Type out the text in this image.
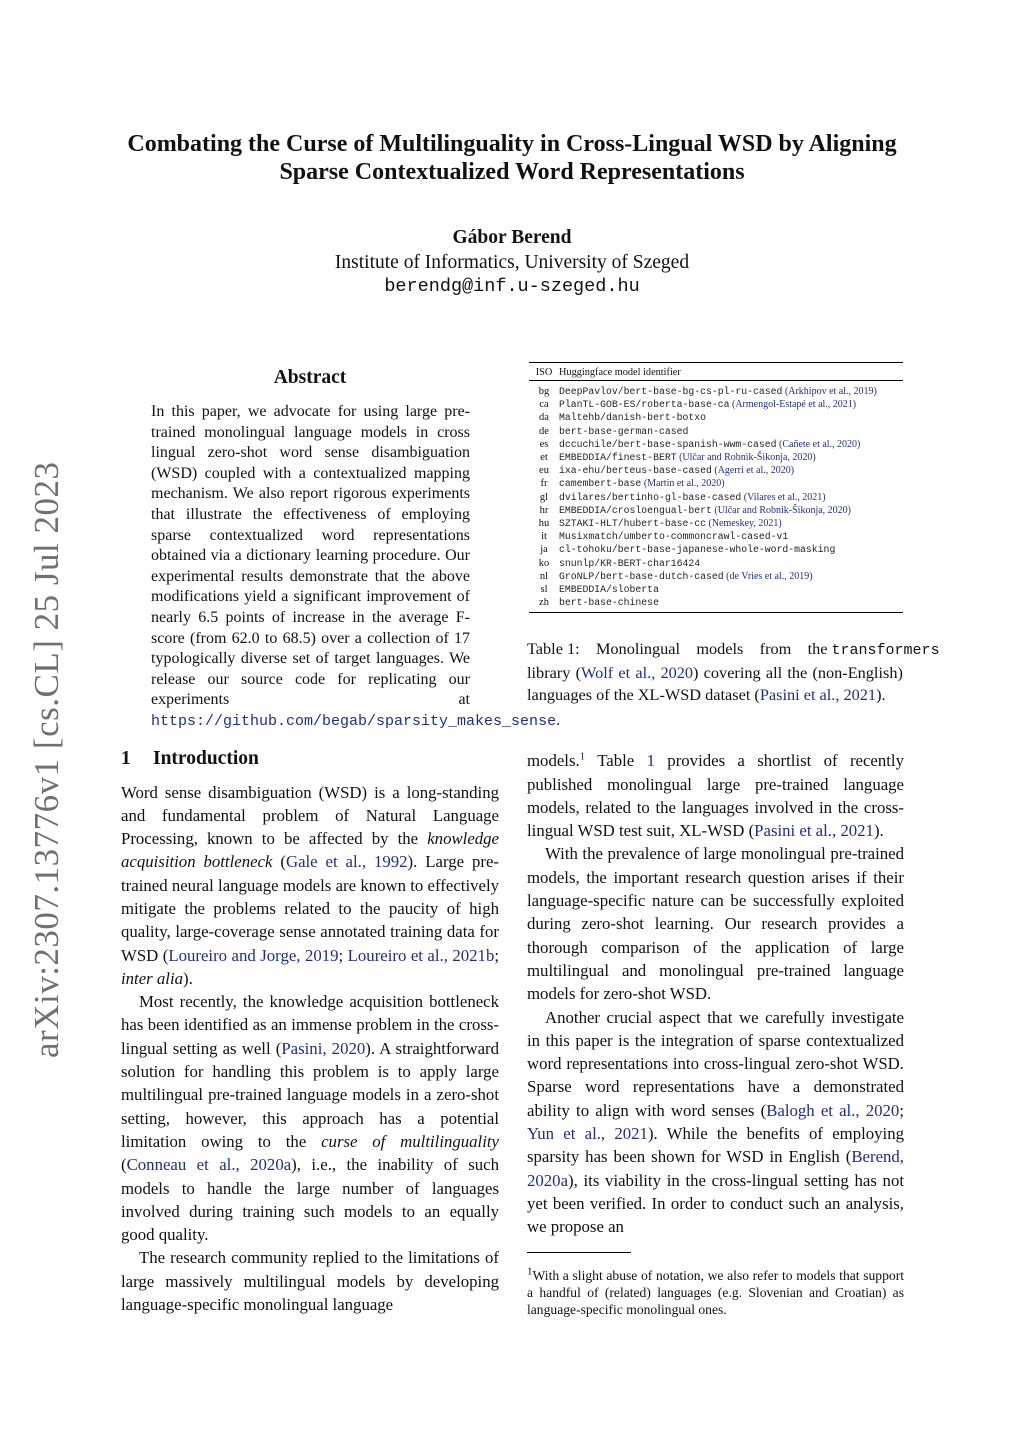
arXiv:2307.13776v1 [cs.CL] 25 Jul 2023
Combating the Curse of Multilinguality in Cross-Lingual WSD by Aligning Sparse Contextualized Word Representations
Gábor Berend
Institute of Informatics, University of Szeged
berendg@inf.u-szeged.hu
Abstract

In this paper, we advocate for using large pre-trained monolingual language models in cross lingual zero-shot word sense disambiguation (WSD) coupled with a contextualized mapping mechanism. We also report rigorous experiments that illustrate the effectiveness of employing sparse contextualized word representations obtained via a dictionary learning procedure. Our experimental results demonstrate that the above modifications yield a significant improvement of nearly 6.5 points of increase in the average F-score (from 62.0 to 68.5) over a collection of 17 typologically diverse set of target languages. We release our source code for replicating our experiments at https://github.com/begab/sparsity_makes_sense.

1 Introduction

Word sense disambiguation (WSD) is a long-standing and fundamental problem of Natural Language Processing, known to be affected by the knowledge acquisition bottleneck (Gale et al., 1992). Large pre-trained neural language models are known to effectively mitigate the problems related to the paucity of high quality, large-coverage sense annotated training data for WSD (Loureiro and Jorge, 2019; Loureiro et al., 2021b; inter alia).

Most recently, the knowledge acquisition bottleneck has been identified as an immense problem in the cross-lingual setting as well (Pasini, 2020). A straightforward solution for handling this problem is to apply large multilingual pre-trained language models in a zero-shot setting, however, this approach has a potential limitation owing to the curse of multilinguality (Conneau et al., 2020a), i.e., the inability of such models to handle the large number of languages involved during training such models to an equally good quality.

The research community replied to the limitations of large massively multilingual models by developing language-specific monolingual language

ISO	Huggingface model identifier
bg	DeepPavlov/bert-base-bg-cs-pl-ru-cased (Arkhipov et al., 2019)
ca	PlanTL-GOB-ES/roberta-base-ca (Armengol-Estapé et al., 2021)
da	Maltehb/danish-bert-botxo
de	bert-base-german-cased
es	dccuchile/bert-base-spanish-wwm-cased (Cañete et al., 2020)
et	EMBEDDIA/finest-BERT (Ulčar and Robnik-Šikonja, 2020)
eu	ixa-ehu/berteus-base-cased (Agerri et al., 2020)
fr	camembert-base (Martin et al., 2020)
gl	dvilares/bertinho-gl-base-cased (Vilares et al., 2021)
hr	EMBEDDIA/crosloengual-bert (Ulčar and Robnik-Šikonja, 2020)
hu	SZTAKI-HLT/hubert-base-cc (Nemeskey, 2021)
it	Musixmatch/umberto-commoncrawl-cased-v1
ja	cl-tohoku/bert-base-japanese-whole-word-masking
ko	snunlp/KR-BERT-char16424
nl	GroNLP/bert-base-dutch-cased (de Vries et al., 2019)
sl	EMBEDDIA/sloberta
zh	bert-base-chinese

Table 1:    Monolingual    models    from    the transformers library (Wolf et al., 2020) covering all the (non-English) languages of the XL-WSD dataset (Pasini et al., 2021).

models.$^1$ Table 1 provides a shortlist of recently published monolingual large pre-trained language models, related to the languages involved in the cross-lingual WSD test suit, XL-WSD (Pasini et al., 2021).

With the prevalence of large monolingual pre-trained models, the important research question arises if their language-specific nature can be successfully exploited during zero-shot learning. Our research provides a thorough comparison of the application of large multilingual and monolingual pre-trained language models for zero-shot WSD.

Another crucial aspect that we carefully investigate in this paper is the integration of sparse contextualized word representations into cross-lingual zero-shot WSD. Sparse word representations have a demonstrated ability to align with word senses (Balogh et al., 2020; Yun et al., 2021). While the benefits of employing sparsity has been shown for WSD in English (Berend, 2020a), its viability in the cross-lingual setting has not yet been verified. In order to conduct such an analysis, we propose an

$^1$With a slight abuse of notation, we also refer to models that support a handful of (related) languages (e.g. Slovenian and Croatian) as language-specific monolingual ones.
